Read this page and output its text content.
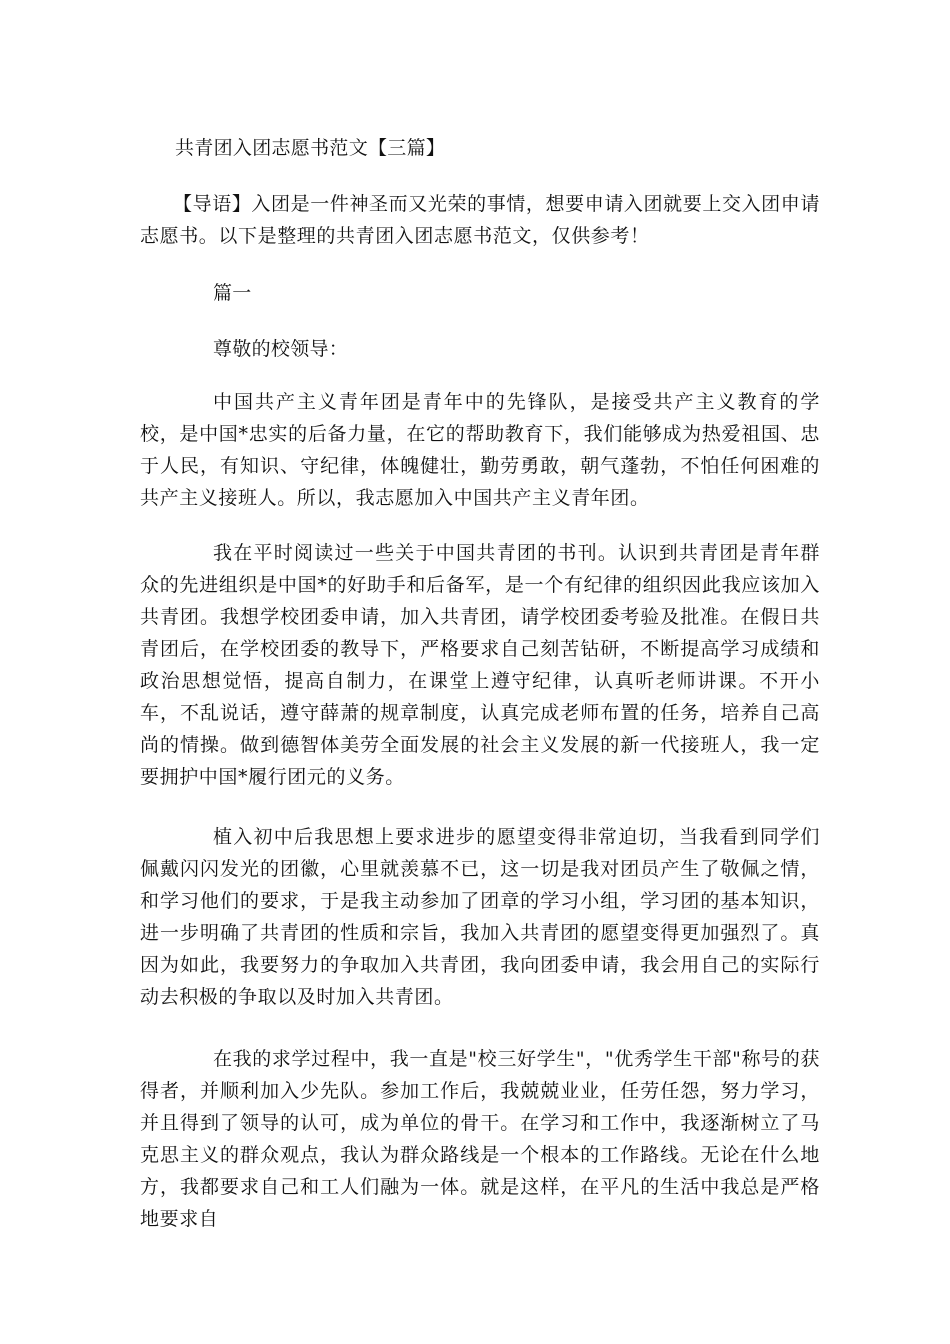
共青团入团志愿书范文【三篇】

【导语】入团是一件神圣而又光荣的事情，想要申请入团就要上交入团申请志愿书。以下是整理的共青团入团志愿书范文，仅供参考！

篇一
尊敬的校领导：

中国共产主义青年团是青年中的先锋队，是接受共产主义教育的学校，是中国*忠实的后备力量，在它的帮助教育下，我们能够成为热爱祖国、忠于人民，有知识、守纪律，体魄健壮，勤劳勇敢，朝气蓬勃，不怕任何困难的共产主义接班人。所以，我志愿加入中国共产主义青年团。

我在平时阅读过一些关于中国共青团的书刊。认识到共青团是青年群众的先进组织是中国*的好助手和后备军，是一个有纪律的组织因此我应该加入共青团。我想学校团委申请，加入共青团，请学校团委考验及批准。在假日共青团后，在学校团委的教导下，严格要求自己刻苦钻研，不断提高学习成绩和政治思想觉悟，提高自制力，在课堂上遵守纪律，认真听老师讲课。不开小车，不乱说话，遵守薛萧的规章制度，认真完成老师布置的任务，培养自己高尚的情操。做到德智体美劳全面发展的社会主义发展的新一代接班人，我一定要拥护中国*履行团元的义务。

植入初中后我思想上要求进步的愿望变得非常迫切，当我看到同学们佩戴闪闪发光的团徽，心里就羡慕不已，这一切是我对团员产生了敬佩之情，和学习他们的要求，于是我主动参加了团章的学习小组，学习团的基本知识，进一步明确了共青团的性质和宗旨，我加入共青团的愿望变得更加强烈了。真因为如此，我要努力的争取加入共青团，我向团委申请，我会用自己的实际行动去积极的争取以及时加入共青团。

在我的求学过程中，我一直是"校三好学生"，"优秀学生干部"称号的获得者，并顺利加入少先队。参加工作后，我兢兢业业，任劳任怨，努力学习，并且得到了领导的认可，成为单位的骨干。在学习和工作中，我逐渐树立了马克思主义的群众观点，我认为群众路线是一个根本的工作路线。无论在什么地方，我都要求自己和工人们融为一体。就是这样，在平凡的生活中我总是严格地要求自
